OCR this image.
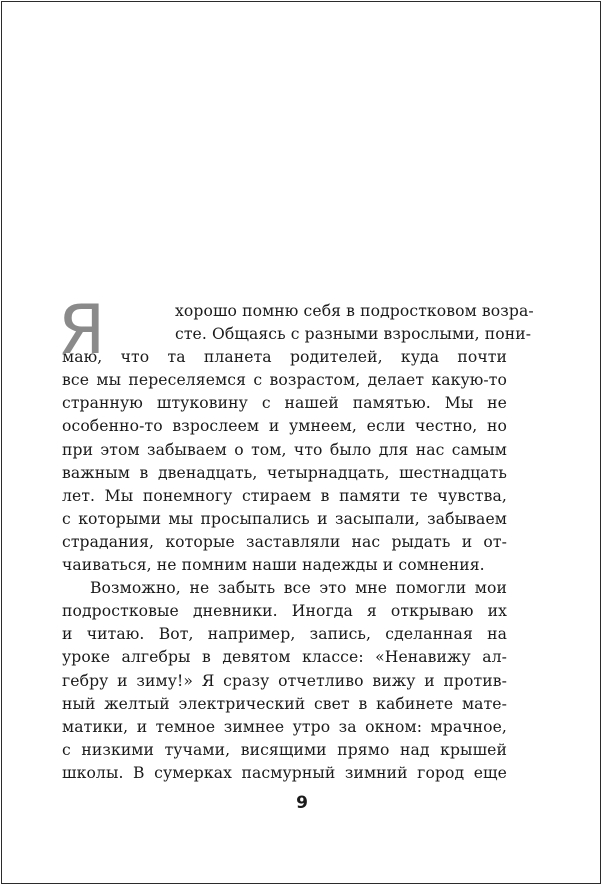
Я	хорошо помню себя в подростковом возра-
сте. Общаясь с разными взрослыми, пони-
маю, что та планета родителей, куда почти
все мы переселяемся с возрастом, делает какую-то
странную штуковину с нашей памятью. Мы не
особенно-то взрослеем и умнеем, если честно, но
при этом забываем о том, что было для нас самым
важным в двенадцать, четырнадцать, шестнадцать
лет. Мы понемногу стираем в памяти те чувства,
с которыми мы просыпались и засыпали, забываем
страдания, которые заставляли нас рыдать и от-
чаиваться, не помним наши надежды и сомнения.
Возможно, не забыть все это мне помогли мои
подростковые дневники. Иногда я открываю их
и читаю. Вот, например, запись, сделанная на
уроке алгебры в девятом классе: «Ненавижу ал-
гебру и зиму!» Я сразу отчетливо вижу и против-
ный желтый электрический свет в кабинете мате-
матики, и темное зимнее утро за окном: мрачное,
с низкими тучами, висящими прямо над крышей
школы. В сумерках пасмурный зимний город еще
9
